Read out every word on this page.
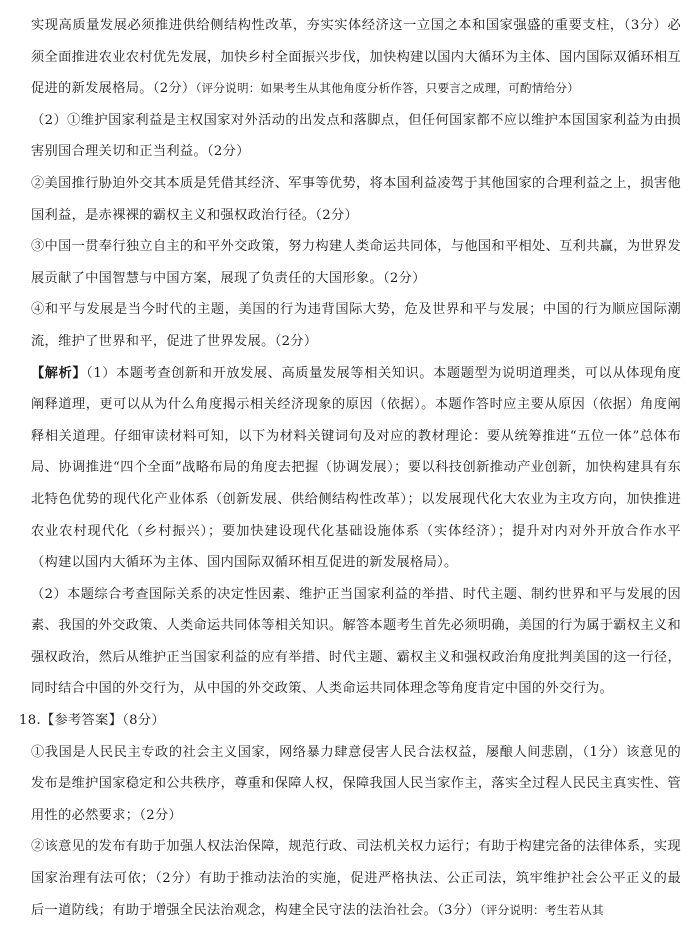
实现高质量发展必须推进供给侧结构性改革，夯实实体经济这一立国之本和国家强盛的重要支柱，（3分）必须全面推进农业农村优先发展，加快乡村全面振兴步伐，加快构建以国内大循环为主体、国内国际双循环相互促进的新发展格局。（2分）（评分说明：如果考生从其他角度分析作答，只要言之成理，可酌情给分）

（2）①维护国家利益是主权国家对外活动的出发点和落脚点，但任何国家都不应以维护本国国家利益为由损害别国合理关切和正当利益。（2分）

②美国推行胁迫外交其本质是凭借其经济、军事等优势，将本国利益凌驾于其他国家的合理利益之上，损害他国利益，是赤裸裸的霸权主义和强权政治行径。（2分）

③中国一贯奉行独立自主的和平外交政策，努力构建人类命运共同体，与他国和平相处、互利共赢，为世界发展贡献了中国智慧与中国方案，展现了负责任的大国形象。（2分）

④和平与发展是当今时代的主题，美国的行为违背国际大势，危及世界和平与发展；中国的行为顺应国际潮流，维护了世界和平，促进了世界发展。（2分）

【解析】（1）本题考查创新和开放发展、高质量发展等相关知识。本题题型为说明道理类，可以从体现角度阐释道理，更可以从为什么角度揭示相关经济现象的原因（依据）。本题作答时应主要从原因（依据）角度阐释相关道理。仔细审读材料可知，以下为材料关键词句及对应的教材理论：要从统筹推进“五位一体”总体布局、协调推进“四个全面”战略布局的角度去把握（协调发展）；要以科技创新推动产业创新，加快构建具有东北特色优势的现代化产业体系（创新发展、供给侧结构性改革）；以发展现代化大农业为主攻方向，加快推进农业农村现代化（乡村振兴）；要加快建设现代化基础设施体系（实体经济）；提升对内对外开放合作水平（构建以国内大循环为主体、国内国际双循环相互促进的新发展格局）。

（2）本题综合考查国际关系的决定性因素、维护正当国家利益的举措、时代主题、制约世界和平与发展的因素、我国的外交政策、人类命运共同体等相关知识。解答本题考生首先必须明确，美国的行为属于霸权主义和强权政治，然后从维护正当国家利益的应有举措、时代主题、霸权主义和强权政治角度批判美国的这一行径，同时结合中国的外交行为，从中国的外交政策、人类命运共同体理念等角度肯定中国的外交行为。

18.【参考答案】（8分）

①我国是人民民主专政的社会主义国家，网络暴力肆意侵害人民合法权益，屡酿人间悲剧，（1分）该意见的发布是维护国家稳定和公共秩序，尊重和保障人权，保障我国人民当家作主，落实全过程人民民主真实性、管用性的必然要求；（2分）

②该意见的发布有助于加强人权法治保障，规范行政、司法机关权力运行；有助于构建完备的法律体系，实现国家治理有法可依；（2分）有助于推动法治的实施，促进严格执法、公正司法，筑牢维护社会公平正义的最后一道防线；有助于增强全民法治观念，构建全民守法的法治社会。（3分）（评分说明：考生若从其
